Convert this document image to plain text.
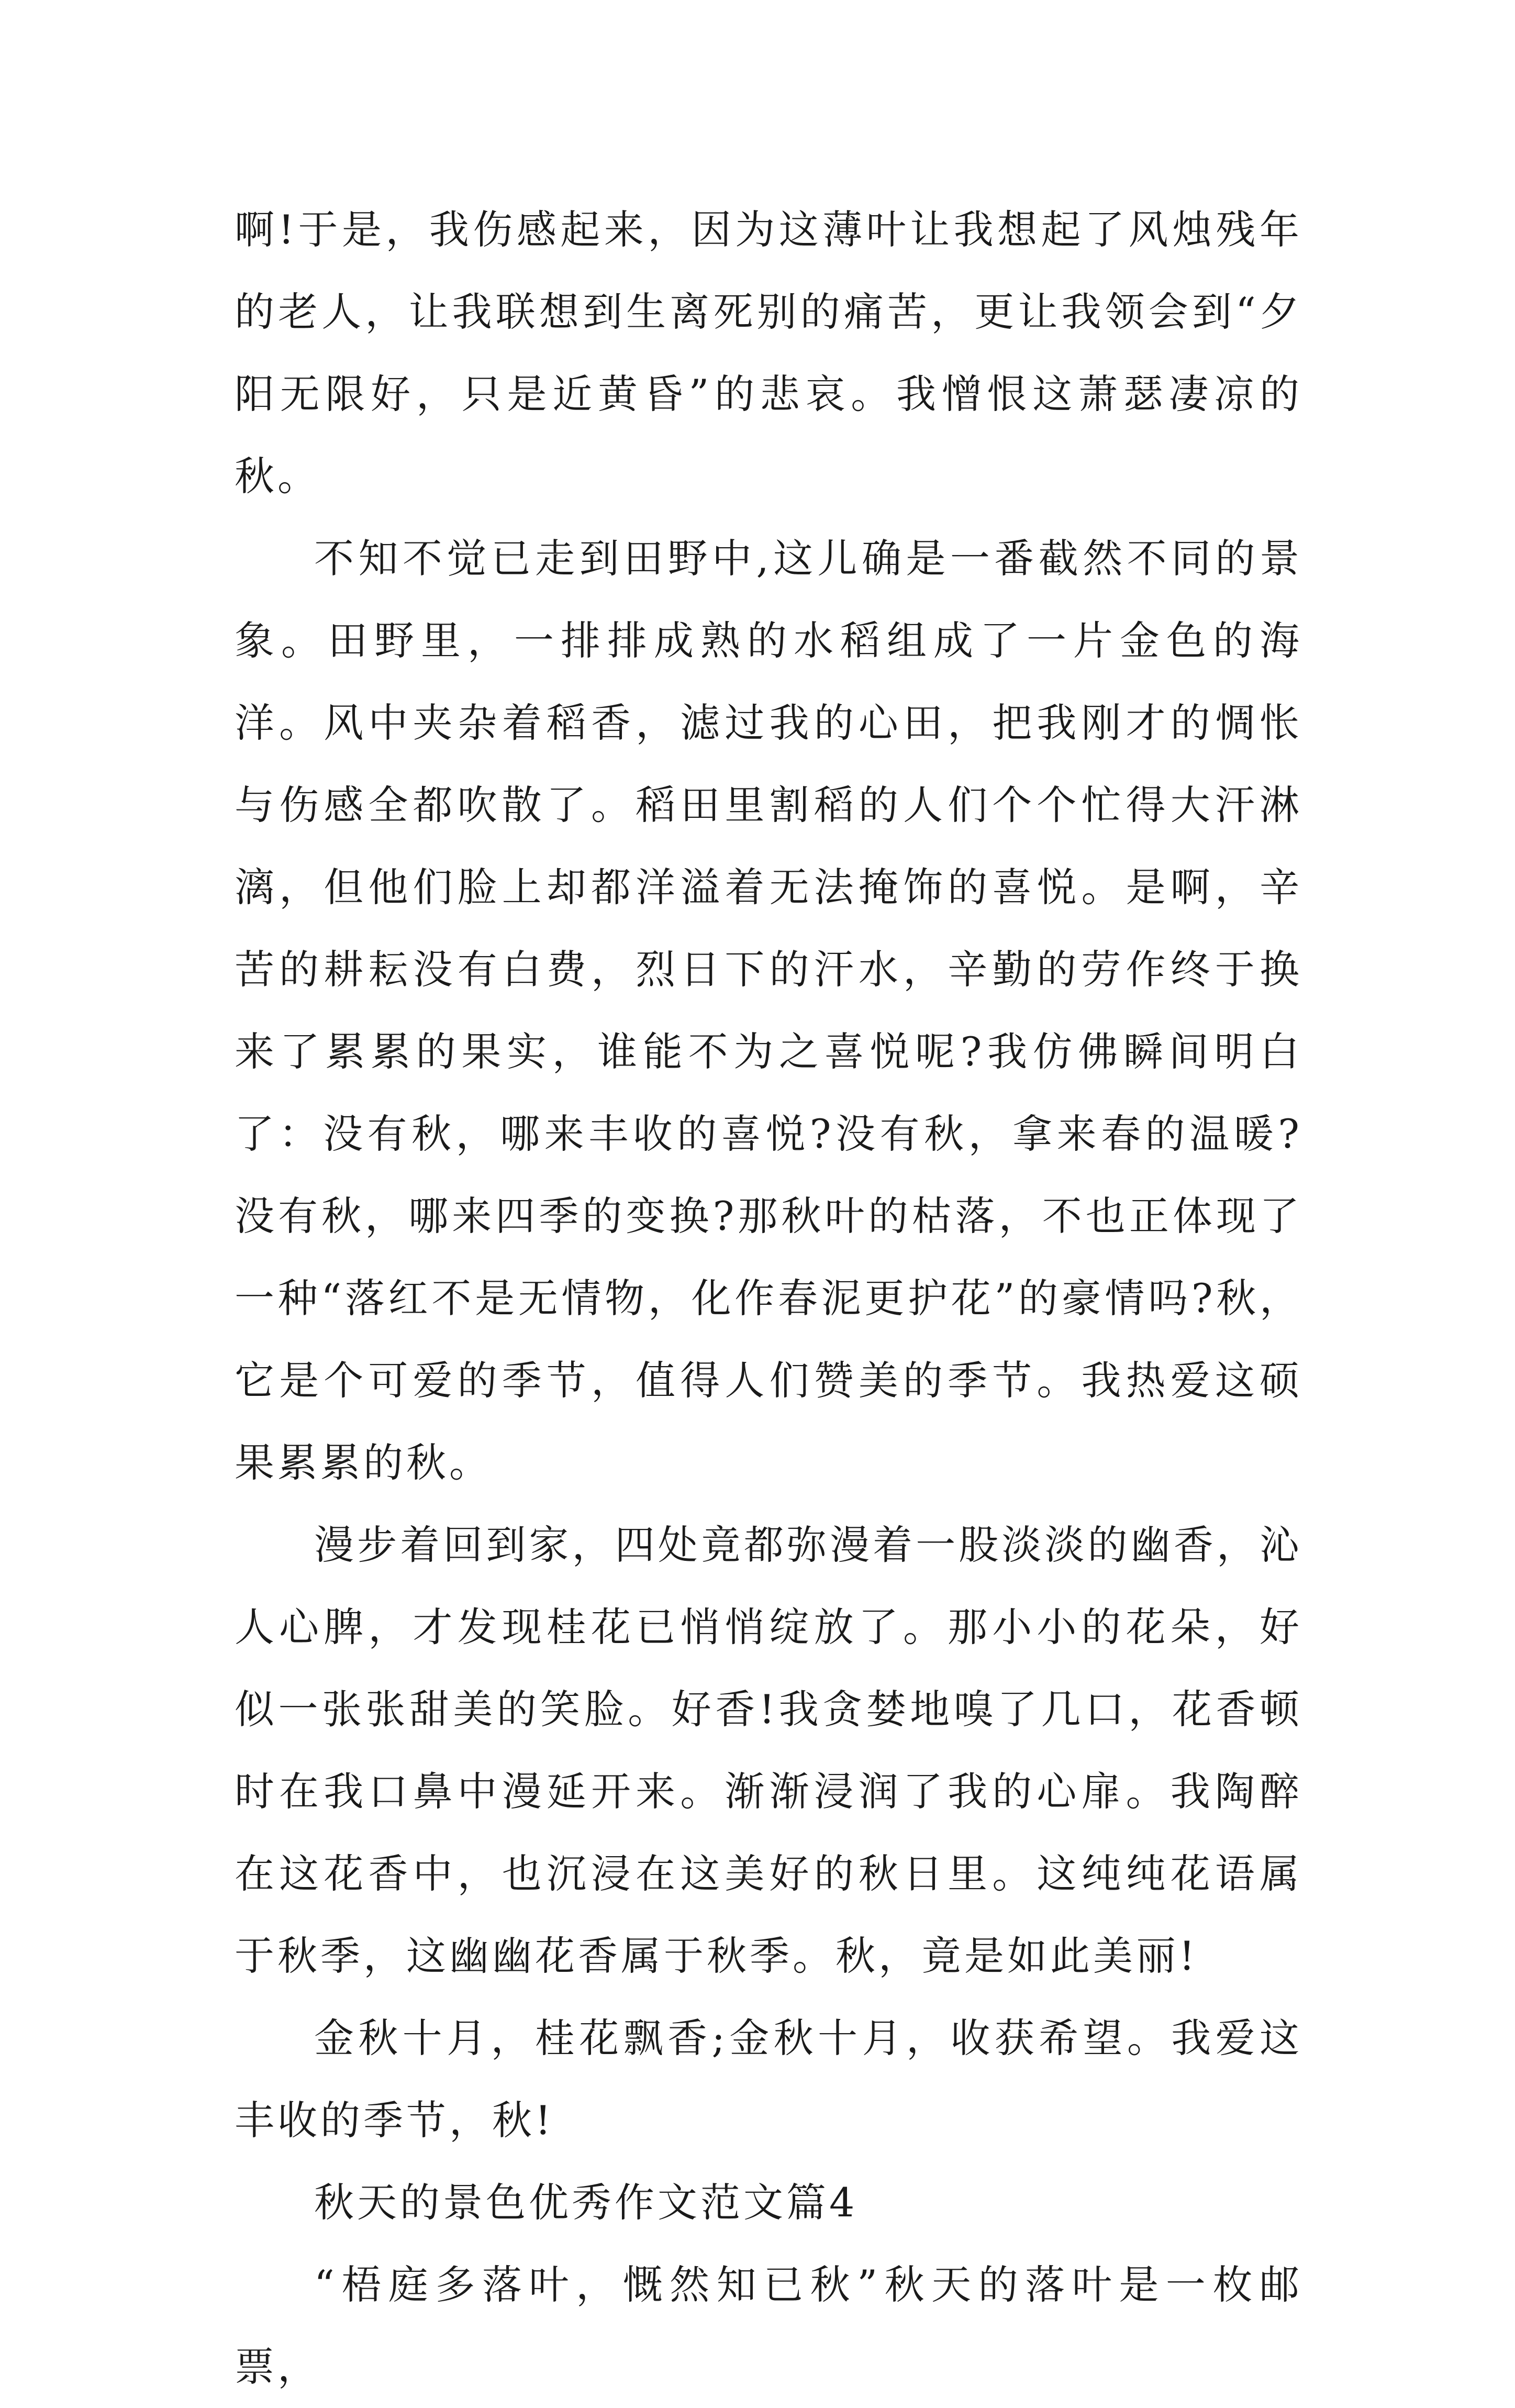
啊!于是，我伤感起来，因为这薄叶让我想起了风烛残年的老人，让我联想到生离死别的痛苦，更让我领会到“夕阳无限好，只是近黄昏”的悲哀。我憎恨这萧瑟凄凉的秋。

不知不觉已走到田野中,这儿确是一番截然不同的景象。田野里，一排排成熟的水稻组成了一片金色的海洋。风中夹杂着稻香，滤过我的心田，把我刚才的惆怅与伤感全都吹散了。稻田里割稻的人们个个忙得大汗淋漓，但他们脸上却都洋溢着无法掩饰的喜悦。是啊，辛苦的耕耘没有白费，烈日下的汗水，辛勤的劳作终于换来了累累的果实，谁能不为之喜悦呢?我仿佛瞬间明白了：没有秋，哪来丰收的喜悦?没有秋，拿来春的温暖?没有秋，哪来四季的变换?那秋叶的枯落，不也正体现了一种“落红不是无情物，化作春泥更护花”的豪情吗?秋，它是个可爱的季节，值得人们赞美的季节。我热爱这硕果累累的秋。

漫步着回到家，四处竟都弥漫着一股淡淡的幽香，沁人心脾，才发现桂花已悄悄绽放了。那小小的花朵，好似一张张甜美的笑脸。好香!我贪婪地嗅了几口，花香顿时在我口鼻中漫延开来。渐渐浸润了我的心扉。我陶醉在这花香中，也沉浸在这美好的秋日里。这纯纯花语属于秋季，这幽幽花香属于秋季。秋，竟是如此美丽!

金秋十月，桂花飘香;金秋十月，收获希望。我爱这丰收的季节，秋!

秋天的景色优秀作文范文篇4

“梧庭多落叶，慨然知已秋”秋天的落叶是一枚邮票，
